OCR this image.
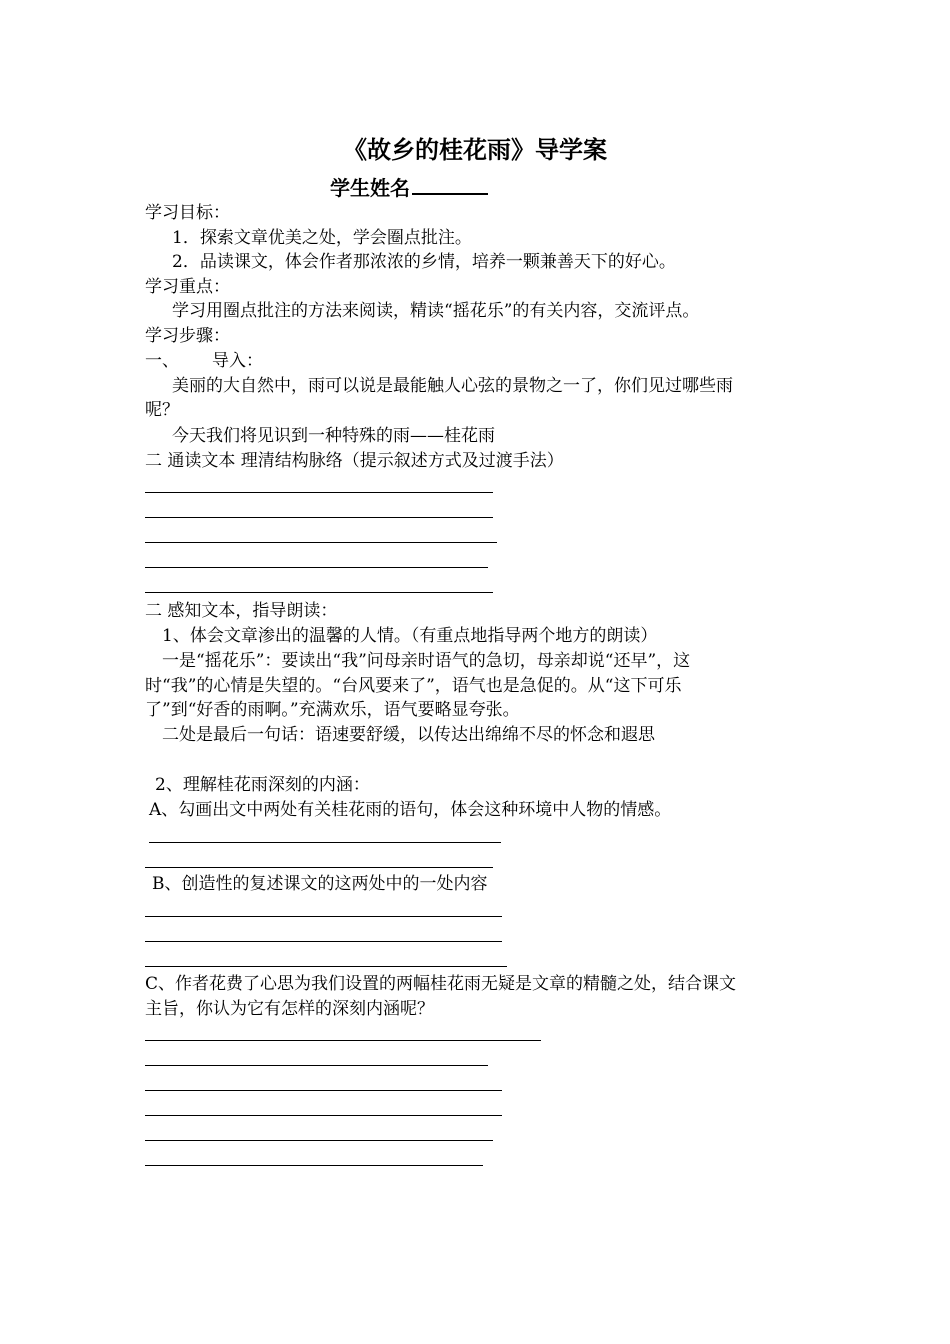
《故乡的桂花雨》导学案
学生姓名

学习目标：

1．探索文章优美之处，学会圈点批注。

2．品读课文，体会作者那浓浓的乡情，培养一颗兼善天下的好心。

学习重点：

学习用圈点批注的方法来阅读，精读“摇花乐”的有关内容，交流评点。

学习步骤：

一、 导入：

美丽的大自然中，雨可以说是最能触人心弦的景物之一了，你们见过哪些雨

呢？

今天我们将见识到一种特殊的雨——桂花雨

二 通读文本 理清结构脉络（提示叙述方式及过渡手法）

二 感知文本，指导朗读：

1、体会文章渗出的温馨的人情。（有重点地指导两个地方的朗读）

一是“摇花乐”：要读出“我”问母亲时语气的急切，母亲却说“还早”，这

时“我”的心情是失望的。“台风要来了”，语气也是急促的。从“这下可乐

了”到“好香的雨啊。”充满欢乐，语气要略显夸张。

二处是最后一句话：语速要舒缓，以传达出绵绵不尽的怀念和遐思

2、理解桂花雨深刻的内涵：

A、勾画出文中两处有关桂花雨的语句，体会这种环境中人物的情感。

B、创造性的复述课文的这两处中的一处内容

C、作者花费了心思为我们设置的两幅桂花雨无疑是文章的精髓之处，结合课文

主旨，你认为它有怎样的深刻内涵呢？
